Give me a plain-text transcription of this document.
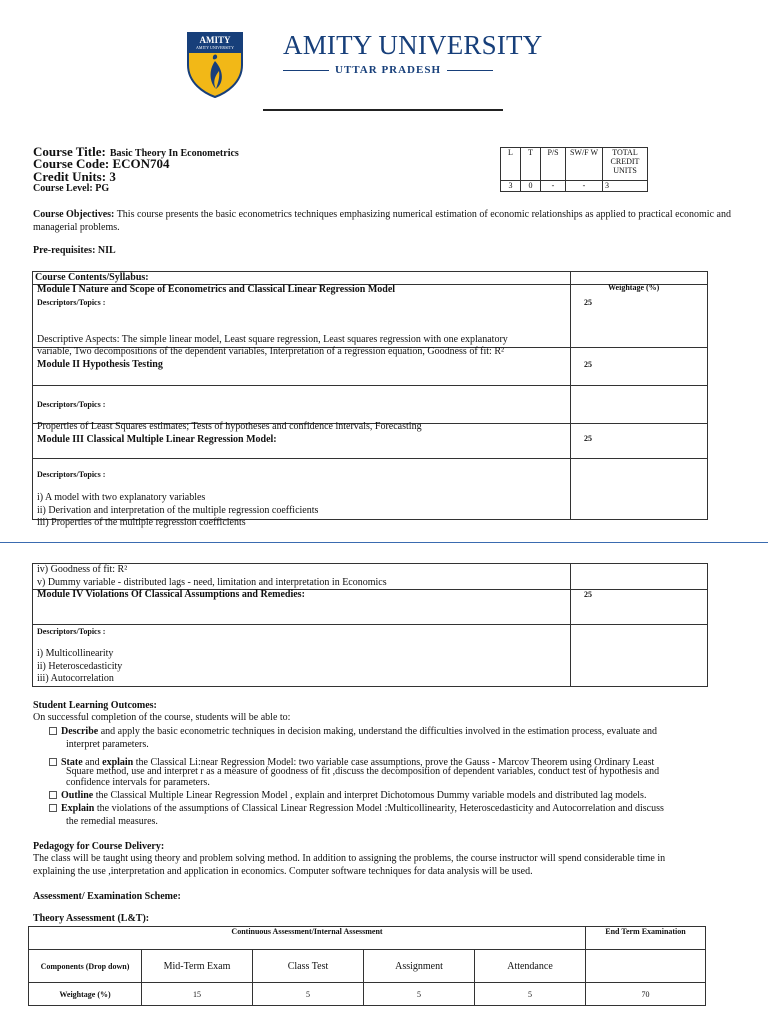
AMITY
AMITY UNIVERSITY	AMITY UNIVERSITY
UTTAR PRADESH
Course Title: Basic Theory In Econometrics
Course Code: ECON704
Credit Units: 3
Course Level: PG
L	T	P/S	SW/F W	TOTAL CREDIT UNITS
3	0	-	-	3
Course Objectives: This course presents the basic econometrics techniques emphasizing numerical estimation of economic relationships as applied to practical economic and managerial problems.
Pre-requisites: NIL
Course Contents/Syllabus:
Weightage (%)
Module I Nature and Scope of Econometrics and Classical Linear Regression Model
Descriptors/Topics :	25
Descriptive Aspects: The simple linear model, Least square regression, Least squares regression with one explanatory
variable, Two decompositions of the dependent variables, Interpretation of a regression equation, Goodness of fit: R²
Module II Hypothesis Testing	25
Descriptors/Topics :
Properties of Least Squares estimates; Tests of hypotheses and confidence intervals, Forecasting
Module III Classical Multiple Linear Regression Model:	25
Descriptors/Topics :
i) A model with two explanatory variables
ii) Derivation and interpretation of the multiple regression coefficients
iii) Properties of the multiple regression coefficients
iv) Goodness of fit: R²
v) Dummy variable - distributed lags - need, limitation and interpretation in Economics
Module IV Violations Of Classical Assumptions and Remedies:	25
Descriptors/Topics :
i) Multicollinearity
ii) Heteroscedasticity
iii) Autocorrelation
Student Learning Outcomes:
On successful completion of the course, students will be able to:
Describe and apply the basic econometric techniques in decision making, understand the difficulties involved in the estimation process, evaluate and
interpret parameters.
State and explain the Classical Li:near Regression Model: two variable case assumptions, prove the Gauss - Marcov Theorem using Ordinary Least
Square method, use and interpret r as a measure of goodness of fit ,discuss the decomposition of dependent variables, conduct test of hypothesis and
confidence intervals for parameters.
Outline the Classical Multiple Linear Regression Model , explain and interpret Dichotomous Dummy variable models and distributed lag models.
Explain the violations of the assumptions of Classical Linear Regression Model :Multicollinearity, Heteroscedasticity and Autocorrelation and discuss
the remedial measures.
Pedagogy for Course Delivery:
The class will be taught using theory and problem solving method. In addition to assigning the problems, the course instructor will spend considerable time in
explaining the use ,interpretation and application in economics. Computer software techniques for data analysis will be used.
Assessment/ Examination Scheme:
Theory Assessment (L&T):
Continuous Assessment/Internal Assessment					End Term Examination
Components (Drop down)	Mid-Term Exam	Class Test	Assignment	Attendance	
Weightage (%)	15	5	5	5	70
